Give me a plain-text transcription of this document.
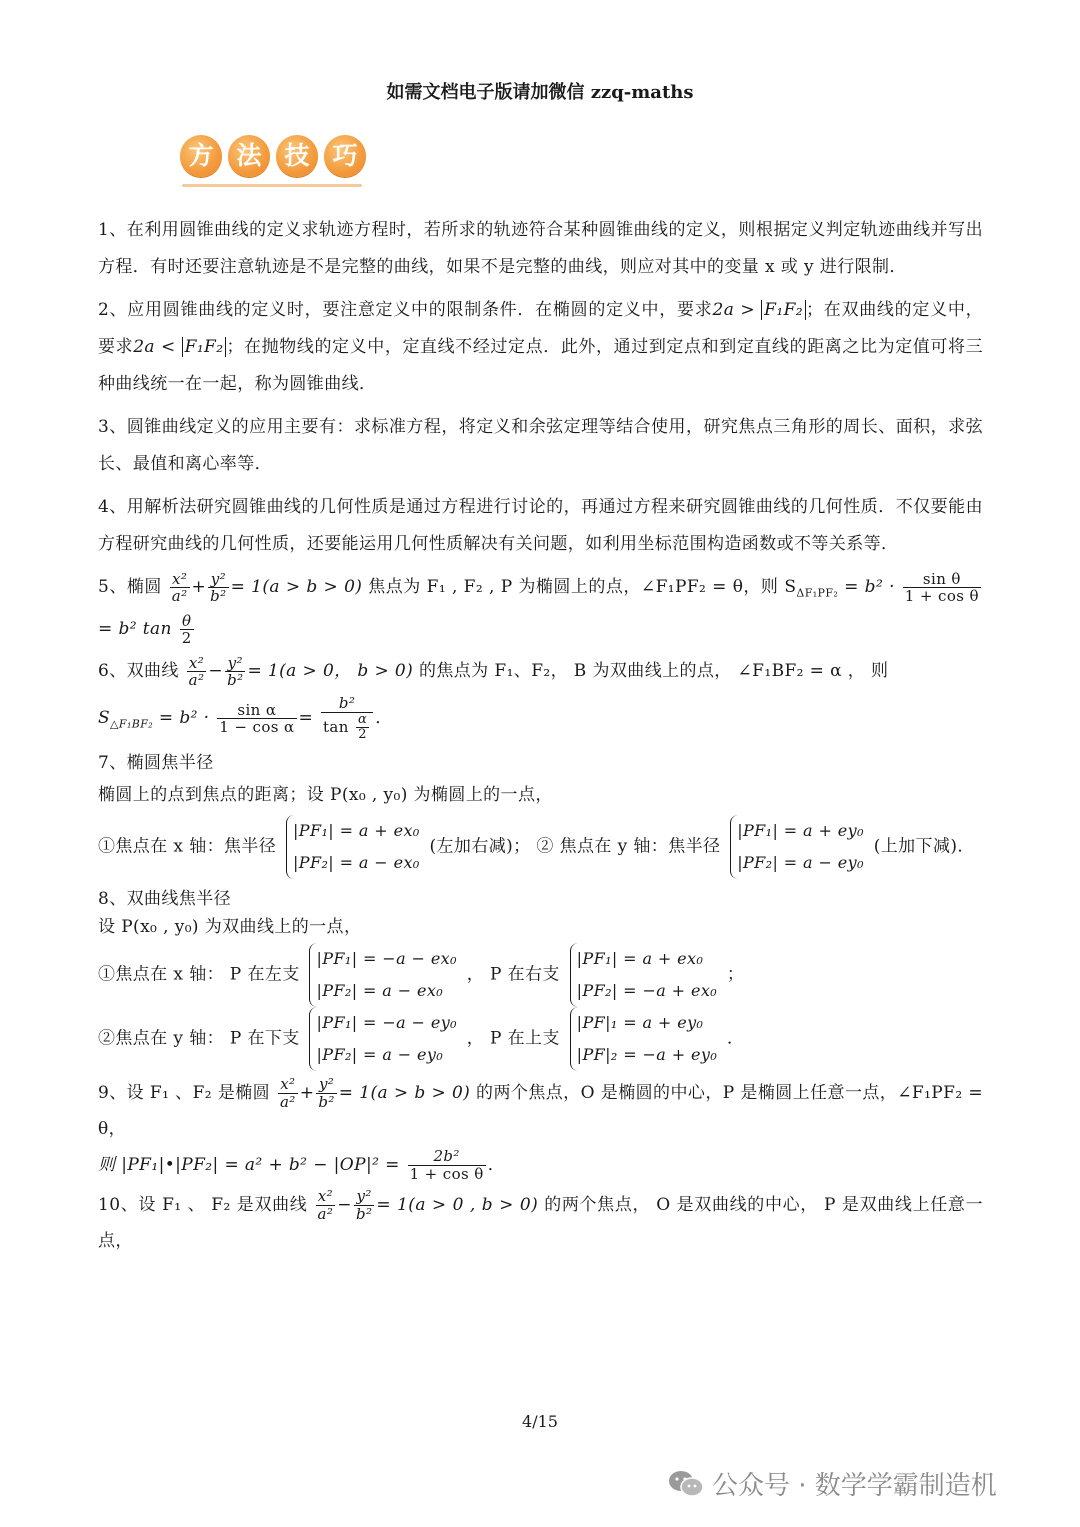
如需文档电子版请加微信 zzq-maths
方 法 技 巧

1、在利用圆锥曲线的定义求轨迹方程时，若所求的轨迹符合某种圆锥曲线的定义，则根据定义判定轨迹曲线并写出方程．有时还要注意轨迹是不是完整的曲线，如果不是完整的曲线，则应对其中的变量 x 或 y 进行限制．

2、应用圆锥曲线的定义时，要注意定义中的限制条件．在椭圆的定义中，要求2a > F₁F₂ ；在双曲线的定义中，要求2a < F₁F₂ ；在抛物线的定义中，定直线不经过定点．此外，通过到定点和到定直线的距离之比为定值可将三种曲线统一在一起，称为圆锥曲线．

3、圆锥曲线定义的应用主要有：求标准方程，将定义和余弦定理等结合使用，研究焦点三角形的周长、面积，求弦长、最值和离心率等．

4、用解析法研究圆锥曲线的几何性质是通过方程进行讨论的，再通过方程来研究圆锥曲线的几何性质．不仅要能由方程研究曲线的几何性质，还要能运用几何性质解决有关问题，如利用坐标范围构造函数或不等关系等．

5、椭圆 $\frac{\text{x²}}{\text{a²}} + \frac{\text{y²}}{\text{b²}} = 1(a > b > 0)$ 焦点为 F₁ , F₂ , P 为椭圆上的点，∠F₁PF₂ = θ，则 $S_{\Delta F_1PF_2} = b^2 \cdot \frac{\text{sin θ}}{\text{1 + cos θ}}$
= b² $\tan \frac{\theta}{2}$

6、双曲线 $\frac{\text{x²}}{\text{a²}} - \frac{\text{y²}}{\text{b²}} = 1(a > 0$， b > 0) 的焦点为 F₁、F₂， B 为双曲线上的点， ∠F₁BF₂ = α ， 则

$S_{\triangle F_1BF_2} = b^2 \cdot \frac{\text{sin α}}{\text{1 − cos α}} = \frac{\text{b²}}{\tan \frac{\alpha}{2}}$ ．

7、椭圆焦半径

椭圆上的点到焦点的距离；设 P(x₀ , y₀) 为椭圆上的一点，

①焦点在 x 轴：焦半径
|PF₁| = a + ex₀
|PF₂| = a − ex₀
(左加右减)； ② 焦点在 y 轴：焦半径
|PF₁| = a + ey₀
|PF₂| = a − ey₀
(上加下减)．

8、双曲线焦半径

设 P(x₀ , y₀) 为双曲线上的一点，

①焦点在 x 轴： P 在左支
|PF₁| = −a − ex₀
|PF₂| = a − ex₀
， P 在右支
|PF₁| = a + ex₀
|PF₂| = −a + ex₀
；

②焦点在 y 轴： P 在下支
|PF₁| = −a − ey₀
|PF₂| = a − ey₀
， P 在上支
|PF|₁ = a + ey₀
|PF|₂ = −a + ey₀
．

9、设 F₁ 、F₂ 是椭圆 $\frac{\text{x²}}{\text{a²}} + \frac{\text{y²}}{\text{b²}} = 1(a > b > 0)$ 的两个焦点，O 是椭圆的中心，P 是椭圆上任意一点，∠F₁PF₂ = θ，

则 |PF₁|•|PF₂| = $a^2 + b^2 - |OP|^2 = \frac{\text{2b²}}{\text{1 + cos θ}}$ ．

10、设 F₁ 、 F₂ 是双曲线 $\frac{\text{x²}}{\text{a²}} - \frac{\text{y²}}{\text{b²}} = 1(a > 0$ , b > 0) 的两个焦点， O 是双曲线的中心， P 是双曲线上任意一点，

4/15
公众号 · 数学学霸制造机
